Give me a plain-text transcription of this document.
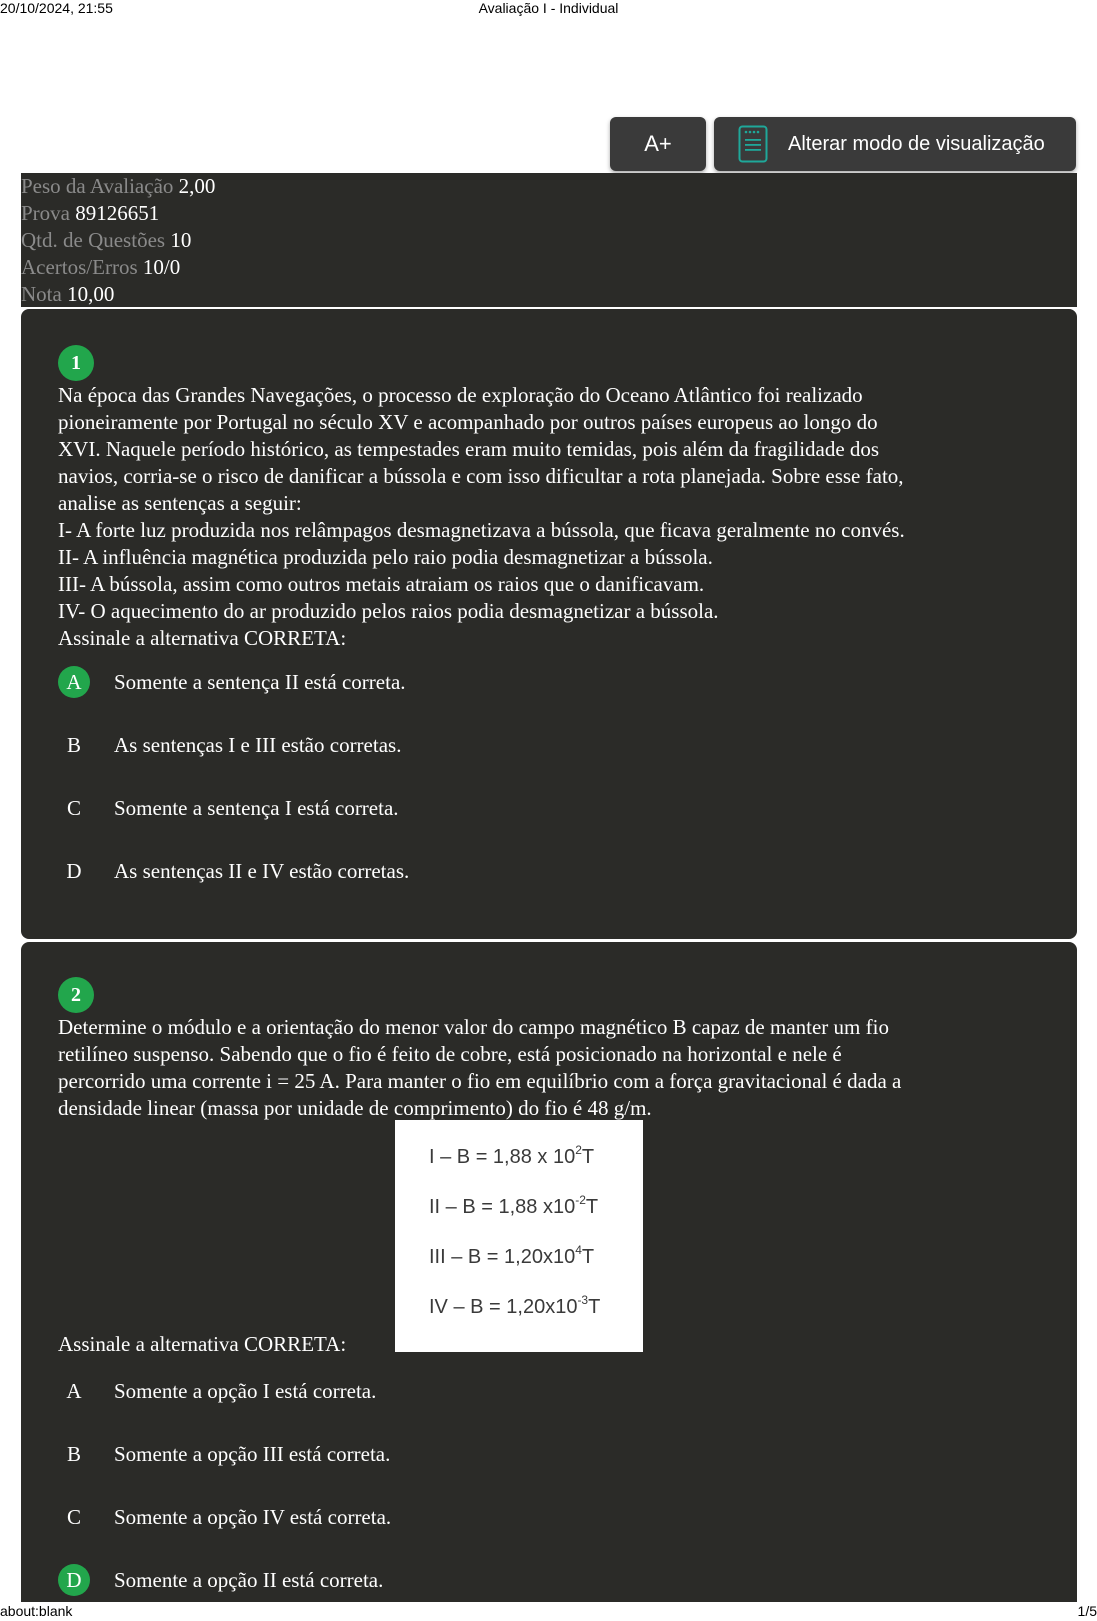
20/10/2024, 21:55	Avaliação I - Individual
A+	Alterar modo de visualização
Peso da Avaliação 2,00
Prova 89126651
Qtd. de Questões 10
Acertos/Erros 10/0
Nota 10,00
1
Na época das Grandes Navegações, o processo de exploração do Oceano Atlântico foi realizado
pioneiramente por Portugal no século XV e acompanhado por outros países europeus ao longo do
XVI. Naquele período histórico, as tempestades eram muito temidas, pois além da fragilidade dos
navios, corria-se o risco de danificar a bússola e com isso dificultar a rota planejada. Sobre esse fato,
analise as sentenças a seguir:
I- A forte luz produzida nos relâmpagos desmagnetizava a bússola, que ficava geralmente no convés.
II- A influência magnética produzida pelo raio podia desmagnetizar a bússola.
III- A bússola, assim como outros metais atraiam os raios que o danificavam.
IV- O aquecimento do ar produzido pelos raios podia desmagnetizar a bússola.
Assinale a alternativa CORRETA:
A	Somente a sentença II está correta.
B	As sentenças I e III estão corretas.
C	Somente a sentença I está correta.
D	As sentenças II e IV estão corretas.
2
Determine o módulo e a orientação do menor valor do campo magnético B capaz de manter um fio
retilíneo suspenso. Sabendo que o fio é feito de cobre, está posicionado na horizontal e nele é
percorrido uma corrente i = 25 A. Para manter o fio em equilíbrio com a força gravitacional é dada a
densidade linear (massa por unidade de comprimento) do fio é 48 g/m.
I – B = 1,88 x $10^2T$
II – B = 1,88 $x10^{-2}T$
III – $B = 1,20x10^4T$
IV – $B = 1,20x10^{-3}T$
Assinale a alternativa CORRETA:
A	Somente a opção I está correta.
B	Somente a opção III está correta.
C	Somente a opção IV está correta.
D	Somente a opção II está correta.
about:blank	1/5
